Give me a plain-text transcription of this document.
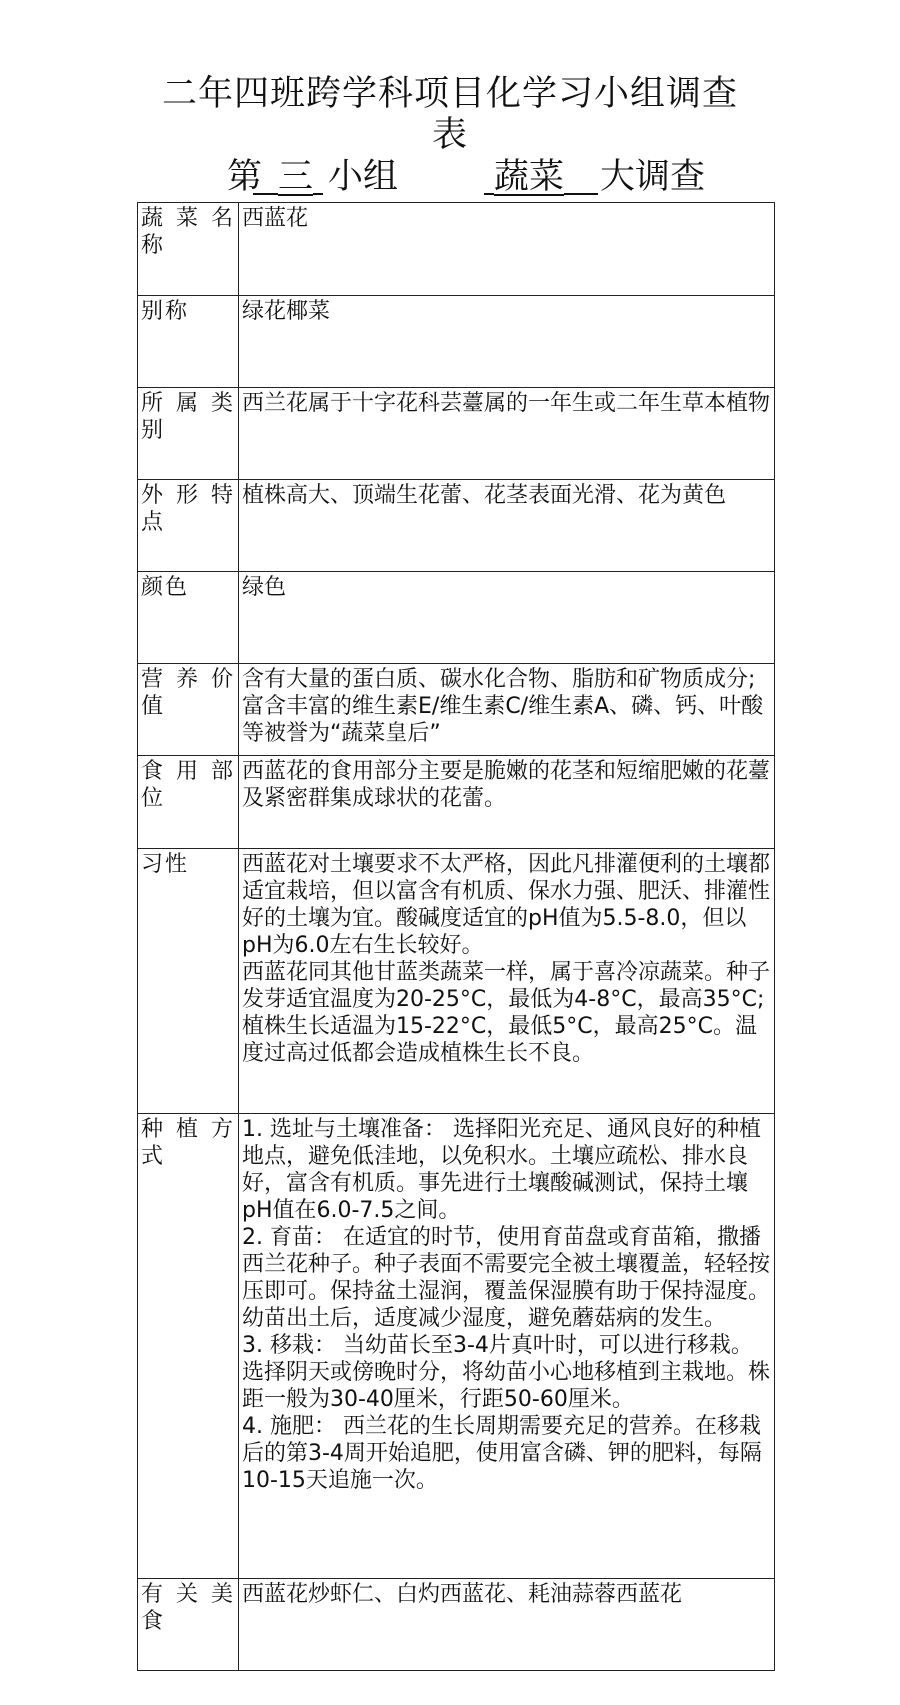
二年四班跨学科项目化学习小组调查
表
第 三 小组	蔬菜 大调查
蔬菜名称	西蓝花

别称	绿花椰菜

所属类别	西兰花属于十字花科芸薹属的一年生或二年生草本植物

外形特点	植株高大、顶端生花蕾、花茎表面光滑、花为黄色

颜色	绿色

营养价值	含有大量的蛋白质、碳水化合物、脂肪和矿物质成分;富含丰富的维生素E/维生素C/维生素A、磷、钙、叶酸等被誉为“蔬菜皇后”

食用部位	西蓝花的食用部分主要是脆嫩的花茎和短缩肥嫩的花薹及紧密群集成球状的花蕾。

习性	西蓝花对土壤要求不太严格，因此凡排灌便利的土壤都适宜栽培，但以富含有机质、保水力强、肥沃、排灌性好的土壤为宜。酸碱度适宜的pH值为5.5-8.0，但以pH为6.0左右生长较好。

西蓝花同其他甘蓝类蔬菜一样，属于喜冷凉蔬菜。种子发芽适宜温度为20-25°C，最低为4-8°C，最高35°C;植株生长适温为15-22°C，最低5°C，最高25°C。温度过高过低都会造成植株生长不良。

种植方式	1. 选址与土壤准备： 选择阳光充足、通风良好的种植地点，避免低洼地，以免积水。土壤应疏松、排水良好，富含有机质。事先进行土壤酸碱测试，保持土壤pH值在6.0-7.5之间。

2. 育苗： 在适宜的时节，使用育苗盘或育苗箱，撒播西兰花种子。种子表面不需要完全被土壤覆盖，轻轻按压即可。保持盆土湿润，覆盖保湿膜有助于保持湿度。幼苗出土后，适度减少湿度，避免蘑菇病的发生。

3. 移栽： 当幼苗长至3-4片真叶时，可以进行移栽。选择阴天或傍晚时分，将幼苗小心地移植到主栽地。株距一般为30-40厘米，行距50-60厘米。

4. 施肥： 西兰花的生长周期需要充足的营养。在移栽后的第3-4周开始追肥，使用富含磷、钾的肥料，每隔10-15天追施一次。

有关美食	西蓝花炒虾仁、白灼西蓝花、耗油蒜蓉西蓝花
